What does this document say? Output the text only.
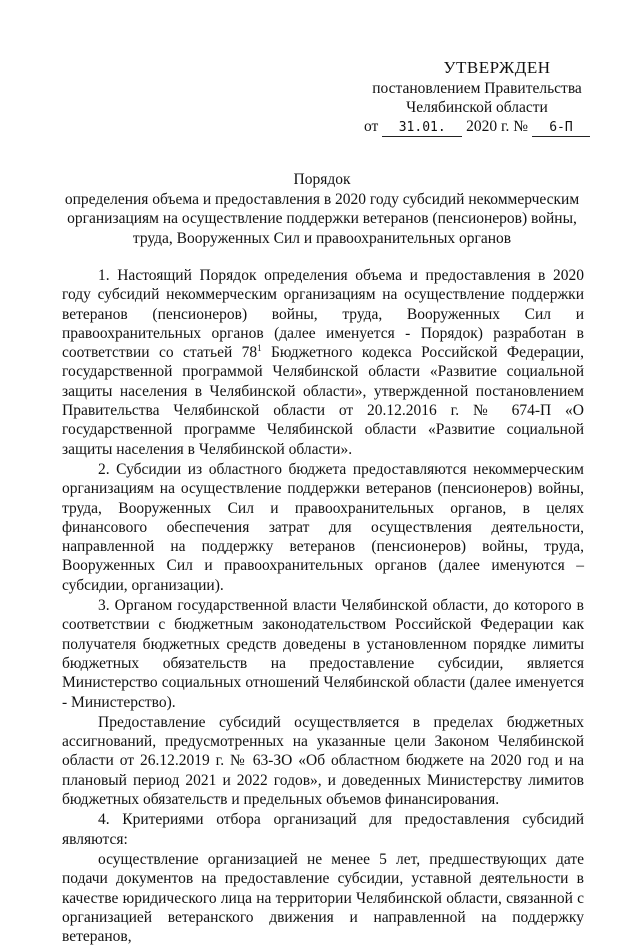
УТВЕРЖДЕН
постановлением Правительства
Челябинской области
от 31.01. 2020 г. № 6-П
Порядок
определения объема и предоставления в 2020 году субсидий некоммерческим
организациям на осуществление поддержки ветеранов (пенсионеров) войны,
труда, Вооруженных Сил и правоохранительных органов

1. Настоящий Порядок определения объема и предоставления в 2020 году субсидий некоммерческим организациям на осуществление поддержки ветеранов (пенсионеров) войны, труда, Вооруженных Сил и правоохранительных органов (далее именуется - Порядок) разработан в соответствии со статьей $78^1$ Бюджетного кодекса Российской Федерации, государственной программой Челябинской области «Развитие социальной защиты населения в Челябинской области», утвержденной постановлением Правительства Челябинской области от 20.12.2016 г. № 674-П «О государственной программе Челябинской области «Развитие социальной защиты населения в Челябинской области».

2. Субсидии из областного бюджета предоставляются некоммерческим организациям на осуществление поддержки ветеранов (пенсионеров) войны, труда, Вооруженных Сил и правоохранительных органов, в целях финансового обеспечения затрат для осуществления деятельности, направленной на поддержку ветеранов (пенсионеров) войны, труда, Вооруженных Сил и правоохранительных органов (далее именуются – субсидии, организации).

3. Органом государственной власти Челябинской области, до которого в соответствии с бюджетным законодательством Российской Федерации как получателя бюджетных средств доведены в установленном порядке лимиты бюджетных обязательств на предоставление субсидии, является Министерство социальных отношений Челябинской области (далее именуется - Министерство).

Предоставление субсидий осуществляется в пределах бюджетных ассигнований, предусмотренных на указанные цели Законом Челябинской области от 26.12.2019 г. № 63-ЗО «Об областном бюджете на 2020 год и на плановый период 2021 и 2022 годов», и доведенных Министерству лимитов бюджетных обязательств и предельных объемов финансирования.

4. Критериями отбора организаций для предоставления субсидий являются:

осуществление организацией не менее 5 лет, предшествующих дате подачи документов на предоставление субсидии, уставной деятельности в качестве юридического лица на территории Челябинской области, связанной с организацией ветеранского движения и направленной на поддержку ветеранов,
